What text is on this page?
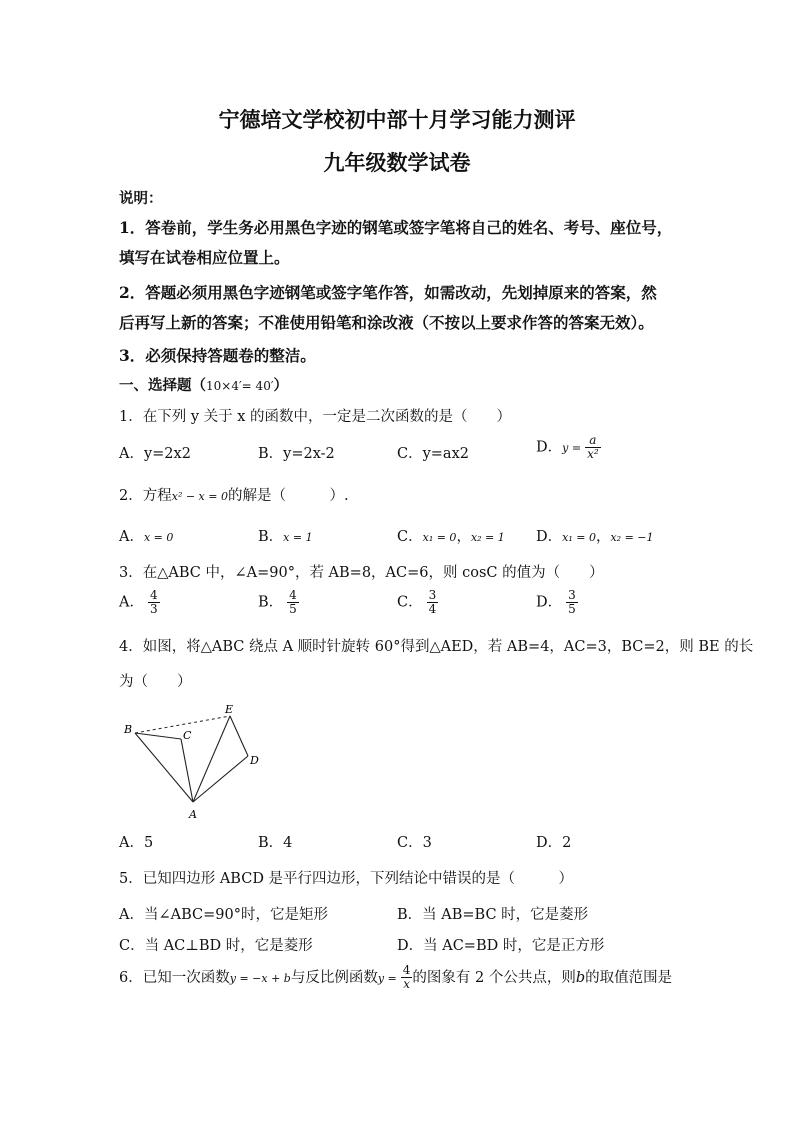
宁德培文学校初中部十月学习能力测评
九年级数学试卷
说明：
1．答卷前，学生务必用黑色字迹的钢笔或签字笔将自己的姓名、考号、座位号，
填写在试卷相应位置上。
2．答题必须用黑色字迹钢笔或签字笔作答，如需改动，先划掉原来的答案，然
后再写上新的答案；不准使用铅笔和涂改液（不按以上要求作答的答案无效）。
3．必须保持答题卷的整洁。
一、选择题（10×4′= 40′）
1．在下列 y 关于 x 的函数中，一定是二次函数的是（　　）
A．y=2x2	B．y=2x-2	C．y=ax2	D．$y = \frac{a}{\text{x²}}$
2．方程x² − x = 0的解是（　　　）.
A．x = 0	B．x = 1	C．x₁ = 0，x₂ = 1 D．x₁ = 0，x₂ = −1
3．在△ABC 中，∠A=90°，若 AB=8，AC=6，则 cosC 的值为（　　）
A． $\frac{4}{3}$	B． $\frac{4}{5}$	C． $\frac{3}{4}$	D． $\frac{3}{5}$
4．如图，将△ABC 绕点 A 顺时针旋转 60°得到△AED，若 AB=4，AC=3，BC=2，则 BE 的长
为（　　）
B	C
E
D
A
A．5	B．4	C．3	D．2
5．已知四边形 ABCD 是平行四边形，下列结论中错误的是（　　　）
A．当∠ABC=90°时，它是矩形	B．当 AB=BC 时，它是菱形
C．当 AC⊥BD 时，它是菱形	D．当 AC=BD 时，它是正方形
6．已知一次函数y = −x + b与反比例函数$y = \frac{4}{x}$ 的图象有 2 个公共点，则b的取值范围是
